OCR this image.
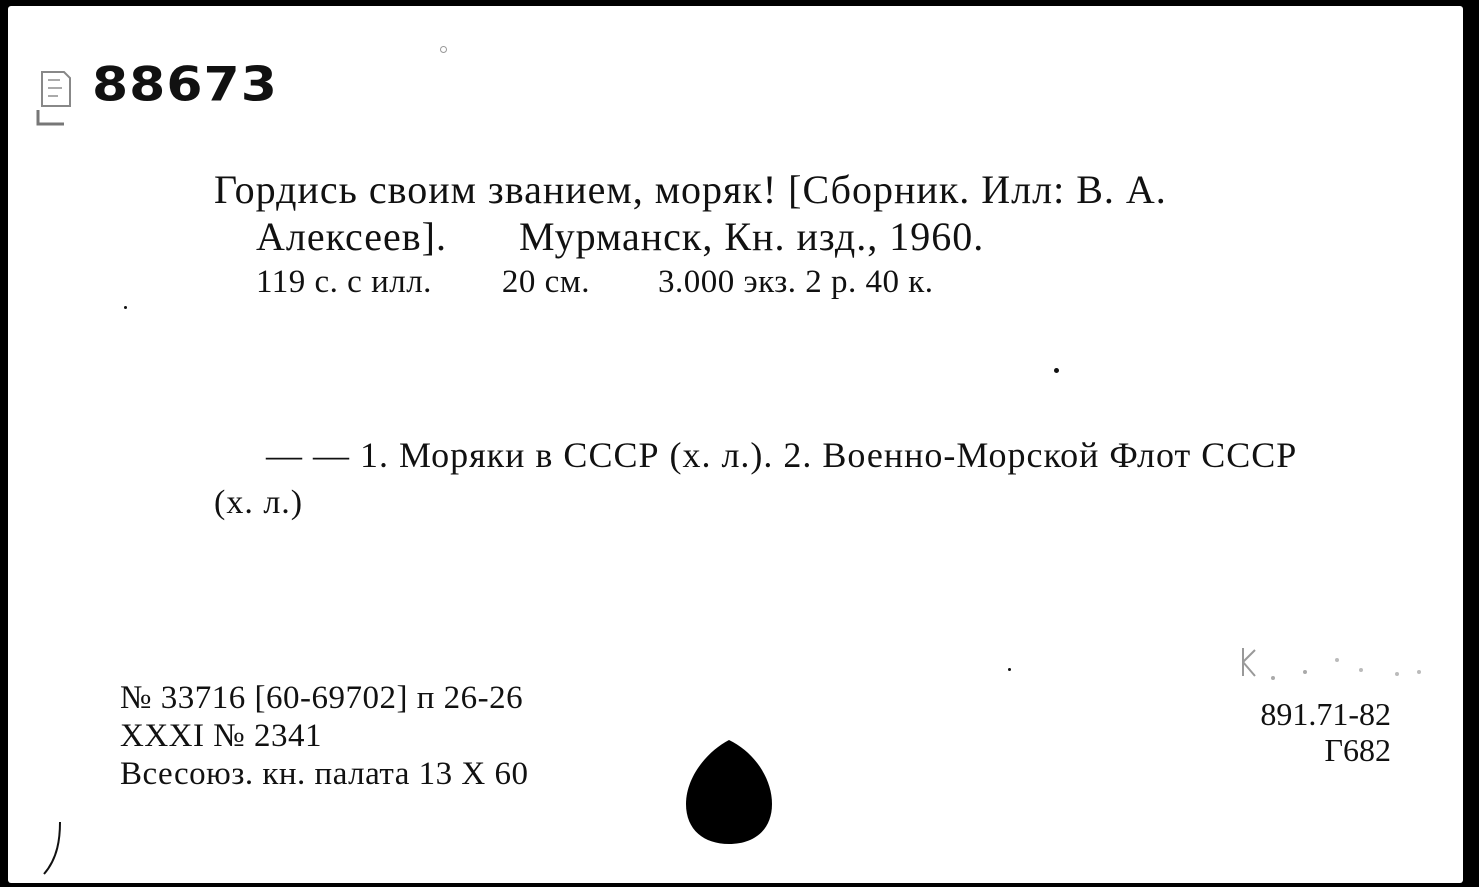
88673
Гордись своим званием, моряк! [Сборник. Илл: В. А.
Алексеев]. Мурманск, Кн. изд., 1960.
119 с. с илл. 20 см. 3.000 экз. 2 р. 40 к.
— — 1. Моряки в СССР (х. л.). 2. Военно-Морской Флот СССР
(х. л.)
№ 33716 [60-69702] п 26-26
XXXI № 2341
Всесоюз. кн. палата 13 X 60
891.71-82
Г682
